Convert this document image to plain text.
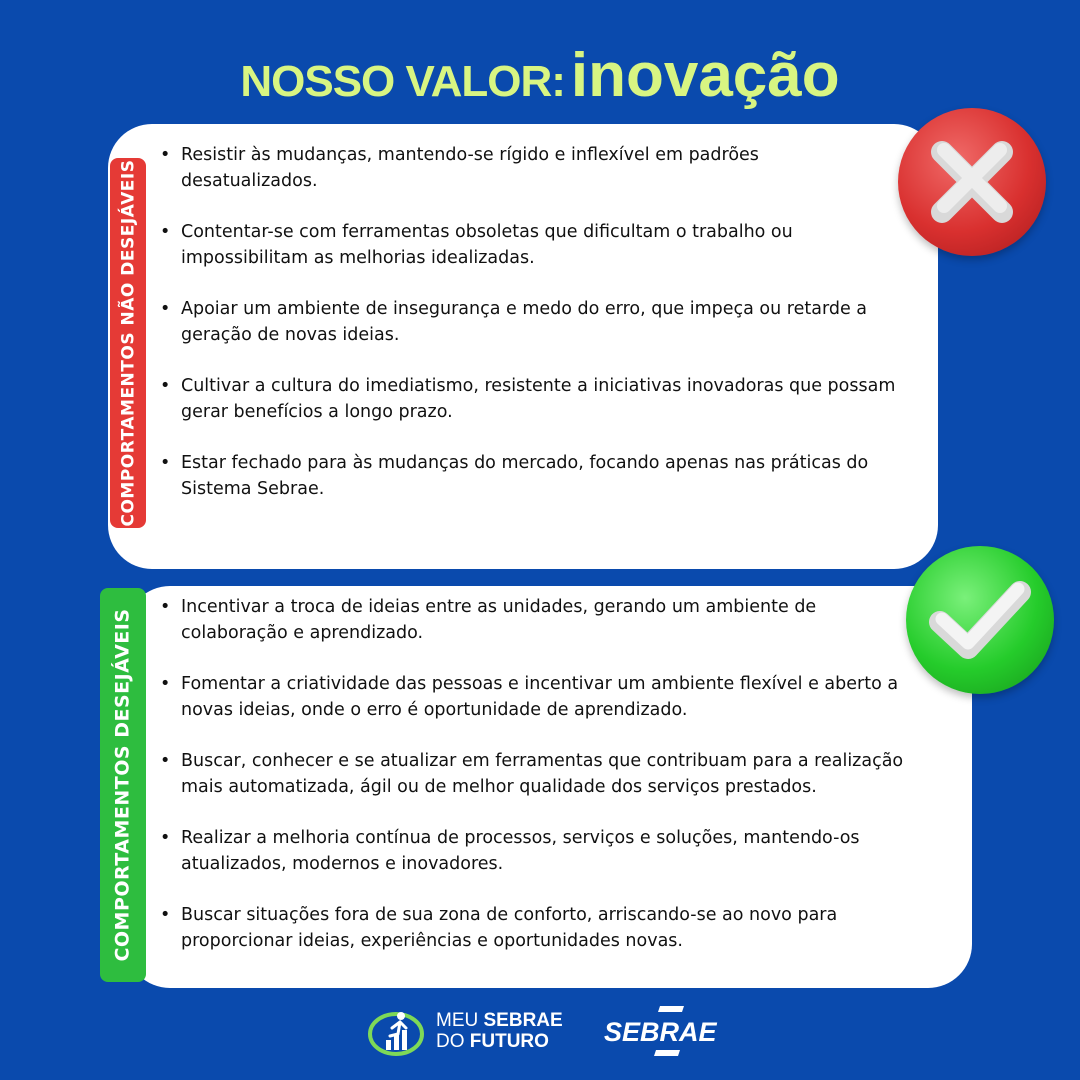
NOSSO VALOR:inovação
COMPORTAMENTOS NÃO DESEJÁVEIS
• Resistir às mudanças, mantendo-se rígido e inflexível em padrões desatualizados.
• Contentar-se com ferramentas obsoletas que dificultam o trabalho ou impossibilitam as melhorias idealizadas.
• Apoiar um ambiente de insegurança e medo do erro, que impeça ou retarde a geração de novas ideias.
• Cultivar a cultura do imediatismo, resistente a iniciativas inovadoras que possam gerar benefícios a longo prazo.
• Estar fechado para às mudanças do mercado, focando apenas nas práticas do Sistema Sebrae.
COMPORTAMENTOS DESEJÁVEIS
• Incentivar a troca de ideias entre as unidades, gerando um ambiente de colaboração e aprendizado.
• Fomentar a criatividade das pessoas e incentivar um ambiente flexível e aberto a novas ideias, onde o erro é oportunidade de aprendizado.
• Buscar, conhecer e se atualizar em ferramentas que contribuam para a realização mais automatizada, ágil ou de melhor qualidade dos serviços prestados.
• Realizar a melhoria contínua de processos, serviços e soluções, mantendo-os atualizados, modernos e inovadores.
• Buscar situações fora de sua zona de conforto, arriscando-se ao novo para proporcionar ideias, experiências e oportunidades novas.
MEU SEBRAE
DO FUTURO	SEBRAE
